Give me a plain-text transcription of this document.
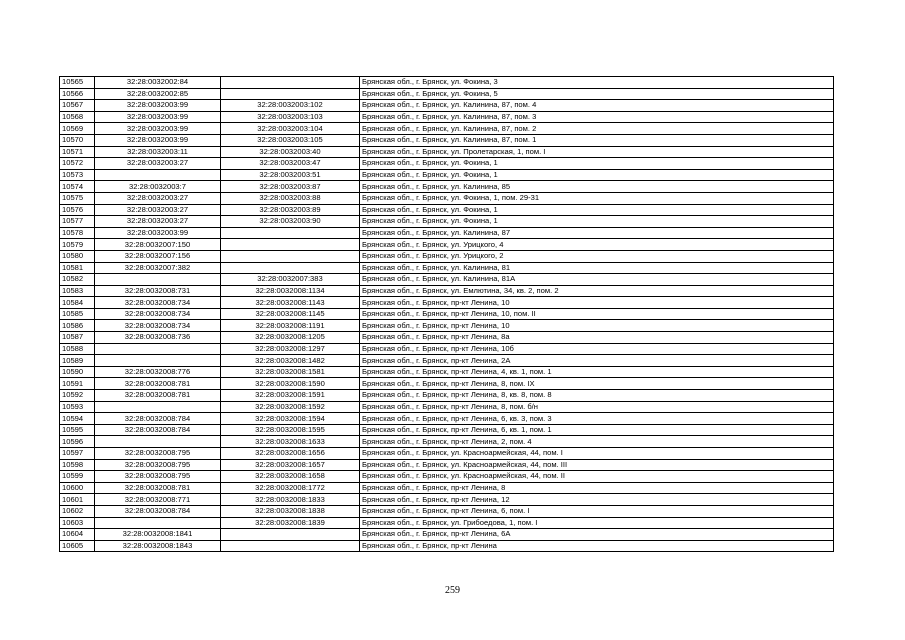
10565	32:28:0032002:84		Брянская обл., г. Брянск, ул. Фокина, 3
10566	32:28:0032002:85		Брянская обл., г. Брянск, ул. Фокина, 5
10567	32:28:0032003:99	32:28:0032003:102	Брянская обл., г. Брянск, ул. Калинина, 87, пом. 4
10568	32:28:0032003:99	32:28:0032003:103	Брянская обл., г. Брянск, ул. Калинина, 87, пом. 3
10569	32:28:0032003:99	32:28:0032003:104	Брянская обл., г. Брянск, ул. Калинина, 87, пом. 2
10570	32:28:0032003:99	32:28:0032003:105	Брянская обл., г. Брянск, ул. Калинина, 87, пом. 1
10571	32:28:0032003:11	32:28:0032003:40	Брянская обл., г. Брянск, ул. Пролетарская, 1, пом. I
10572	32:28:0032003:27	32:28:0032003:47	Брянская обл., г. Брянск, ул. Фокина, 1
10573		32:28:0032003:51	Брянская обл., г. Брянск, ул. Фокина, 1
10574	32:28:0032003:7	32:28:0032003:87	Брянская обл., г. Брянск, ул. Калинина, 85
10575	32:28:0032003:27	32:28:0032003:88	Брянская обл., г. Брянск, ул. Фокина, 1, пом. 29-31
10576	32:28:0032003:27	32:28:0032003:89	Брянская обл., г. Брянск, ул. Фокина, 1
10577	32:28:0032003:27	32:28:0032003:90	Брянская обл., г. Брянск, ул. Фокина, 1
10578	32:28:0032003:99		Брянская обл., г. Брянск, ул. Калинина, 87
10579	32:28:0032007:150		Брянская обл., г. Брянск, ул. Урицкого, 4
10580	32:28:0032007:156		Брянская обл., г. Брянск, ул. Урицкого, 2
10581	32:28:0032007:382		Брянская обл., г. Брянск, ул. Калинина, 81
10582		32:28:0032007:383	Брянская обл., г. Брянск, ул. Калинина, 81А
10583	32:28:0032008:731	32:28:0032008:1134	Брянская обл., г. Брянск, ул. Емлютина, 34, кв. 2, пом. 2
10584	32:28:0032008:734	32:28:0032008:1143	Брянская обл., г. Брянск, пр-кт Ленина, 10
10585	32:28:0032008:734	32:28:0032008:1145	Брянская обл., г. Брянск, пр-кт Ленина, 10, пом. II
10586	32:28:0032008:734	32:28:0032008:1191	Брянская обл., г. Брянск, пр-кт Ленина, 10
10587	32:28:0032008:736	32:28:0032008:1205	Брянская обл., г. Брянск, пр-кт Ленина, 8а
10588		32:28:0032008:1297	Брянская обл., г. Брянск, пр-кт Ленина, 10б
10589		32:28:0032008:1482	Брянская обл., г. Брянск, пр-кт Ленина, 2А
10590	32:28:0032008:776	32:28:0032008:1581	Брянская обл., г. Брянск, пр-кт Ленина, 4, кв. 1, пом. 1
10591	32:28:0032008:781	32:28:0032008:1590	Брянская обл., г. Брянск, пр-кт Ленина, 8, пом. IX
10592	32:28:0032008:781	32:28:0032008:1591	Брянская обл., г. Брянск, пр-кт Ленина, 8, кв. 8, пом. 8
10593		32:28:0032008:1592	Брянская обл., г. Брянск, пр-кт Ленина, 8, пом. б/н
10594	32:28:0032008:784	32:28:0032008:1594	Брянская обл., г. Брянск, пр-кт Ленина, 6, кв. 3, пом. 3
10595	32:28:0032008:784	32:28:0032008:1595	Брянская обл., г. Брянск, пр-кт Ленина, 6, кв. 1, пом. 1
10596		32:28:0032008:1633	Брянская обл., г. Брянск, пр-кт Ленина, 2, пом. 4
10597	32:28:0032008:795	32:28:0032008:1656	Брянская обл., г. Брянск, ул. Красноармейская, 44, пом. I
10598	32:28:0032008:795	32:28:0032008:1657	Брянская обл., г. Брянск, ул. Красноармейская, 44, пом. III
10599	32:28:0032008:795	32:28:0032008:1658	Брянская обл., г. Брянск, ул. Красноармейская, 44, пом. II
10600	32:28:0032008:781	32:28:0032008:1772	Брянская обл., г. Брянск, пр-кт Ленина, 8
10601	32:28:0032008:771	32:28:0032008:1833	Брянская обл., г. Брянск, пр-кт Ленина, 12
10602	32:28:0032008:784	32:28:0032008:1838	Брянская обл., г. Брянск, пр-кт Ленина, 6, пом. I
10603		32:28:0032008:1839	Брянская обл., г. Брянск, ул. Грибоедова, 1, пом. I
10604	32:28:0032008:1841		Брянская обл., г. Брянск, пр-кт Ленина, 6А
10605	32:28:0032008:1843		Брянская обл., г. Брянск, пр-кт Ленина
259
